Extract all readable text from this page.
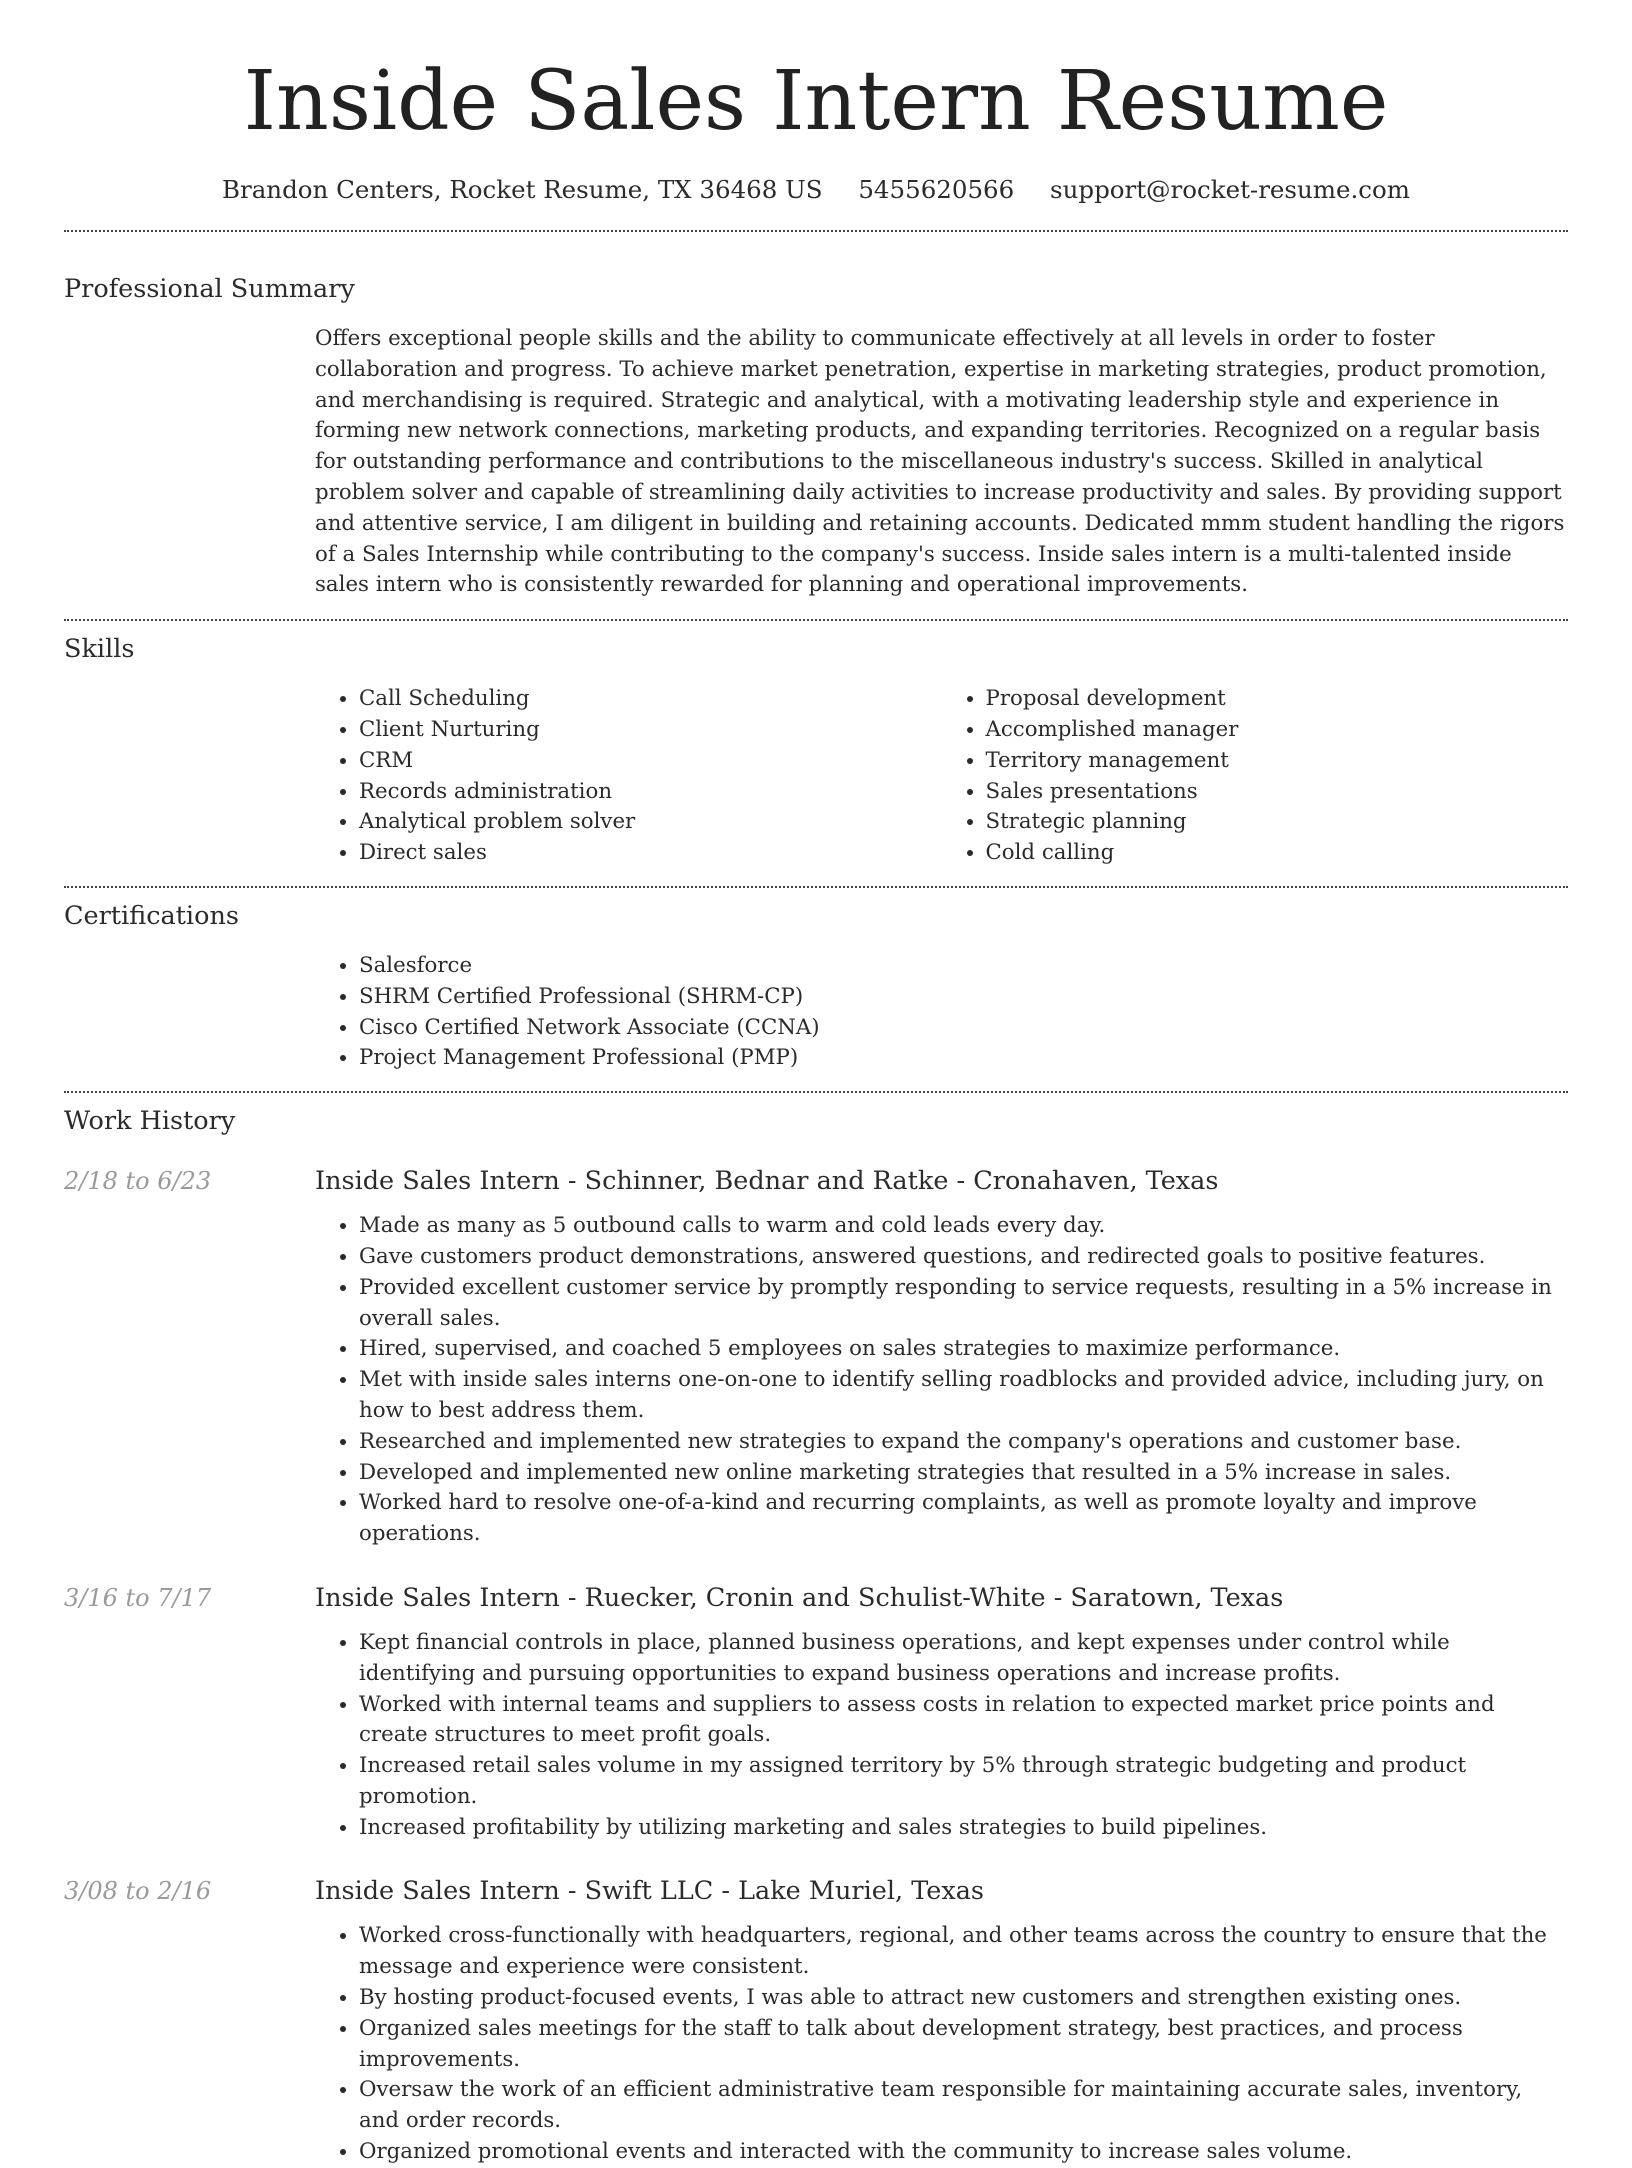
Inside Sales Intern Resume
Brandon Centers, Rocket Resume, TX 36468 US 5455620566 support@rocket-resume.com
Professional Summary
Offers exceptional people skills and the ability to communicate effectively at all levels in order to foster collaboration and progress. To achieve market penetration, expertise in marketing strategies, product promotion, and merchandising is required. Strategic and analytical, with a motivating leadership style and experience in forming new network connections, marketing products, and expanding territories. Recognized on a regular basis for outstanding performance and contributions to the miscellaneous industry's success. Skilled in analytical problem solver and capable of streamlining daily activities to increase productivity and sales. By providing support and attentive service, I am diligent in building and retaining accounts. Dedicated mmm student handling the rigors of a Sales Internship while contributing to the company's success. Inside sales intern is a multi-talented inside sales intern who is consistently rewarded for planning and operational improvements.
Skills
• Call Scheduling
• Client Nurturing
• CRM
• Records administration
• Analytical problem solver
• Direct sales
• Proposal development
• Accomplished manager
• Territory management
• Sales presentations
• Strategic planning
• Cold calling
Certifications
• Salesforce
• SHRM Certified Professional (SHRM-CP)
• Cisco Certified Network Associate (CCNA)
• Project Management Professional (PMP)
Work History
2/18 to 6/23	Inside Sales Intern - Schinner, Bednar and Ratke - Cronahaven, Texas
• Made as many as 5 outbound calls to warm and cold leads every day.
• Gave customers product demonstrations, answered questions, and redirected goals to positive features.
• Provided excellent customer service by promptly responding to service requests, resulting in a 5% increase in overall sales.
• Hired, supervised, and coached 5 employees on sales strategies to maximize performance.
• Met with inside sales interns one-on-one to identify selling roadblocks and provided advice, including jury, on how to best address them.
• Researched and implemented new strategies to expand the company's operations and customer base.
• Developed and implemented new online marketing strategies that resulted in a 5% increase in sales.
• Worked hard to resolve one-of-a-kind and recurring complaints, as well as promote loyalty and improve operations.
3/16 to 7/17	Inside Sales Intern - Ruecker, Cronin and Schulist-White - Saratown, Texas
• Kept financial controls in place, planned business operations, and kept expenses under control while identifying and pursuing opportunities to expand business operations and increase profits.
• Worked with internal teams and suppliers to assess costs in relation to expected market price points and create structures to meet profit goals.
• Increased retail sales volume in my assigned territory by 5% through strategic budgeting and product promotion.
• Increased profitability by utilizing marketing and sales strategies to build pipelines.
3/08 to 2/16	Inside Sales Intern - Swift LLC - Lake Muriel, Texas
• Worked cross-functionally with headquarters, regional, and other teams across the country to ensure that the message and experience were consistent.
• By hosting product-focused events, I was able to attract new customers and strengthen existing ones.
• Organized sales meetings for the staff to talk about development strategy, best practices, and process improvements.
• Oversaw the work of an efficient administrative team responsible for maintaining accurate sales, inventory, and order records.
• Organized promotional events and interacted with the community to increase sales volume.
